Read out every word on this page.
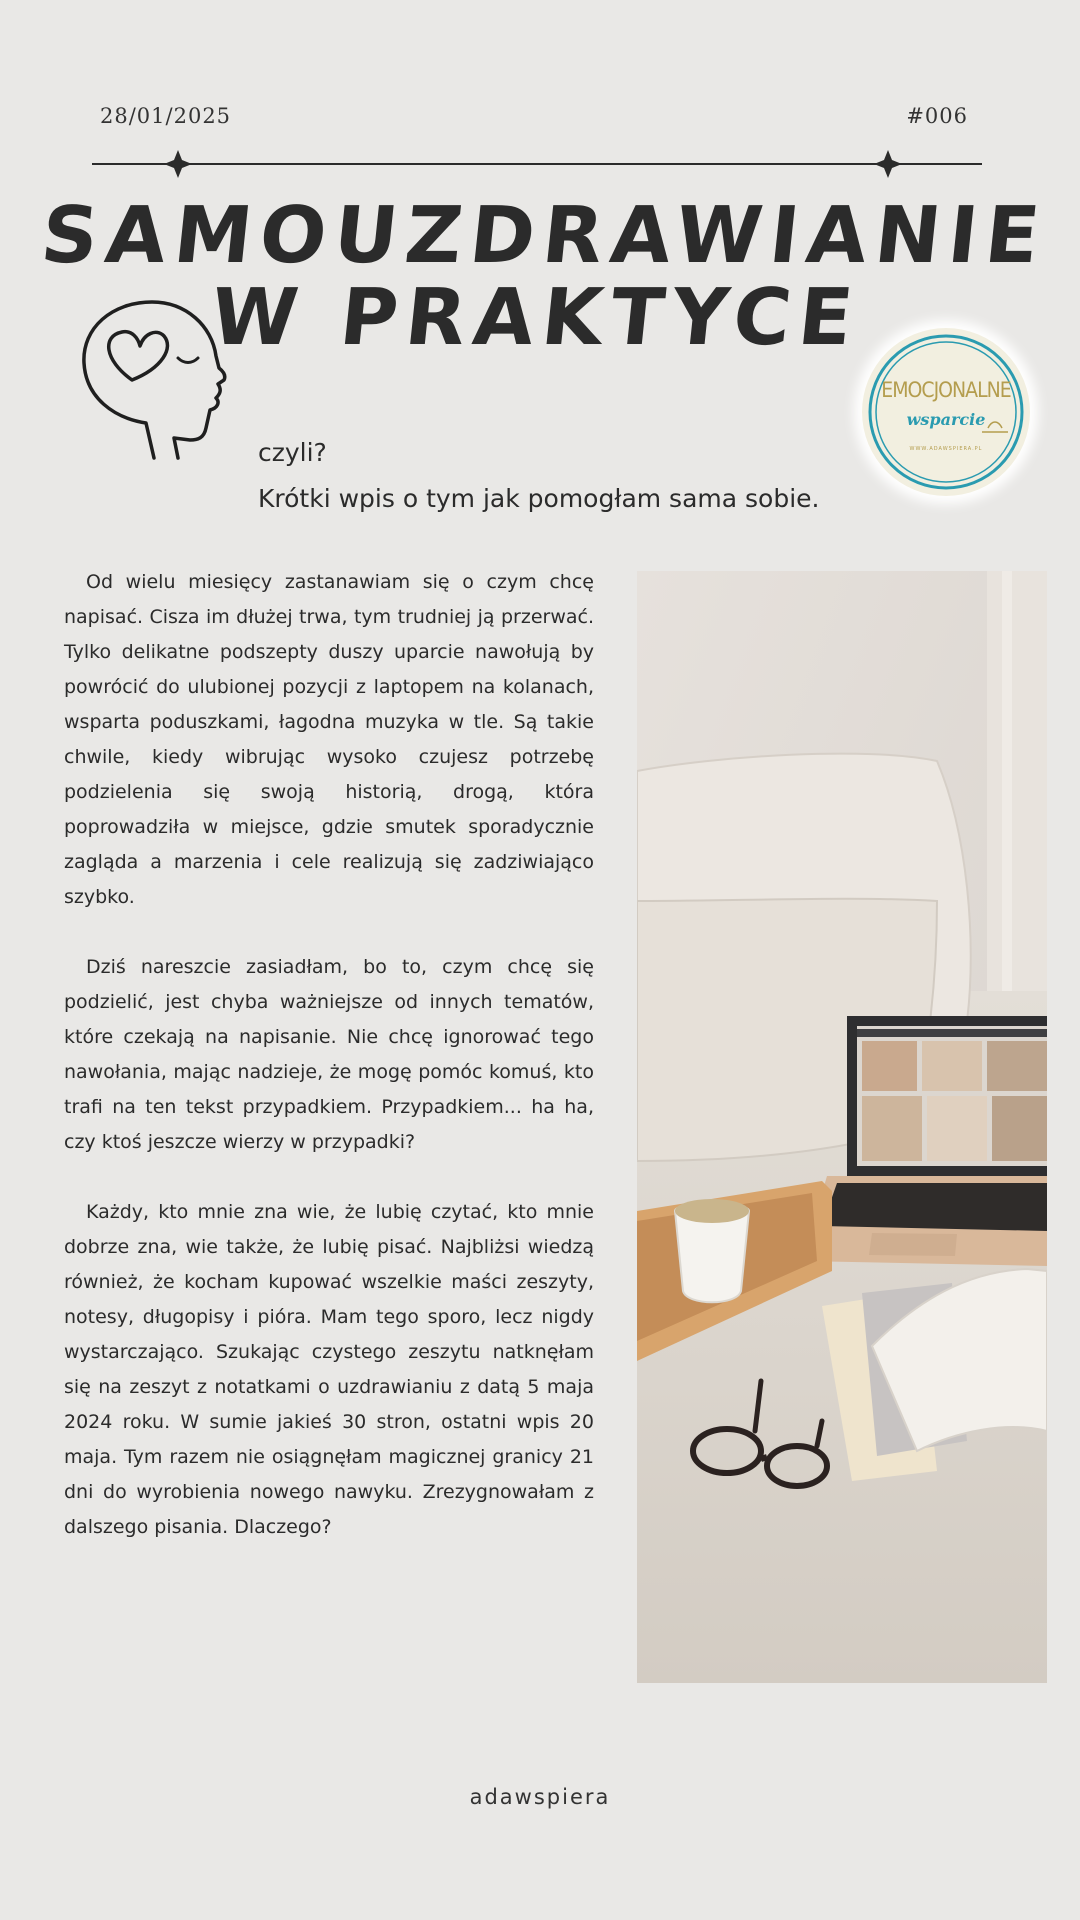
28/01/2025	#006
SAMOUZDRAWIANIE
W PRAKTYCE
EMOCJONALNE
wsparcie
WWW.ADAWSPIERA.PL
czyli?
Krótki wpis o tym jak pomogłam sama sobie.

Od wielu miesięcy zastanawiam się o czym chcę napisać. Cisza im dłużej trwa, tym trudniej ją przerwać. Tylko delikatne podszepty duszy uparcie nawołują by powrócić do ulubionej pozycji z laptopem na kolanach, wsparta poduszkami, łagodna muzyka w tle. Są takie chwile, kiedy wibrując wysoko czujesz potrzebę podzielenia się swoją historią, drogą, która poprowadziła w miejsce, gdzie smutek sporadycznie zagląda a marzenia i cele realizują się zadziwiająco szybko.

Dziś nareszcie zasiadłam, bo to, czym chcę się podzielić, jest chyba ważniejsze od innych tematów, które czekają na napisanie. Nie chcę ignorować tego nawołania, mając nadzieje, że mogę pomóc komuś, kto trafi na ten tekst przypadkiem. Przypadkiem... ha ha, czy ktoś jeszcze wierzy w przypadki?

Każdy, kto mnie zna wie, że lubię czytać, kto mnie dobrze zna, wie także, że lubię pisać. Najbliżsi wiedzą również, że kocham kupować wszelkie maści zeszyty, notesy, długopisy i pióra. Mam tego sporo, lecz nigdy wystarczająco. Szukając czystego zeszytu natknęłam się na zeszyt z notatkami o uzdrawianiu z datą 5 maja 2024 roku. W sumie jakieś 30 stron, ostatni wpis 20 maja. Tym razem nie osiągnęłam magicznej granicy 21 dni do wyrobienia nowego nawyku. Zrezygnowałam z dalszego pisania. Dlaczego?

adawspiera
